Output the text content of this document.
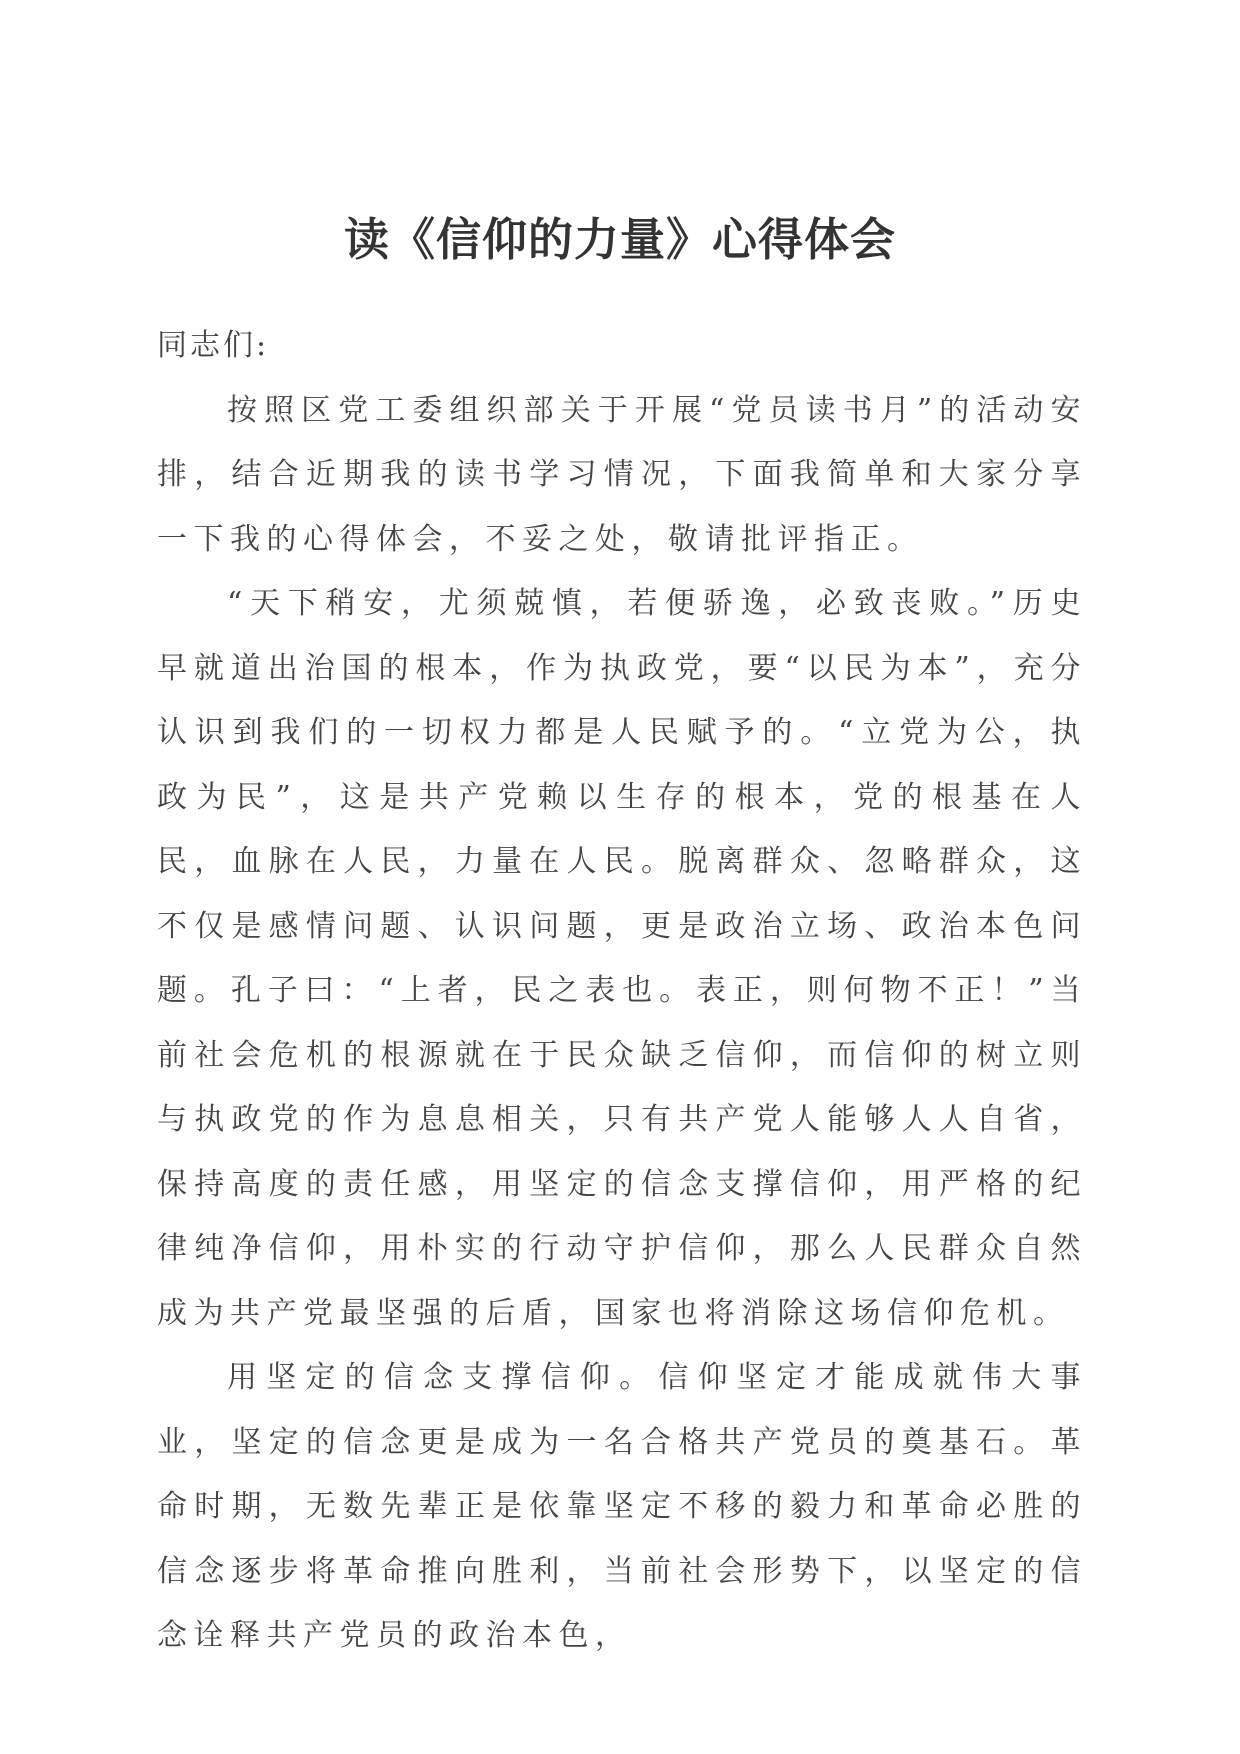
读《信仰的力量》心得体会

同志们:

按照区党工委组织部关于开展“党员读书月”的活动安排，结合近期我的读书学习情况，下面我简单和大家分享一下我的心得体会，不妥之处，敬请批评指正。

“天下稍安，尤须兢慎，若便骄逸，必致丧败。”历史早就道出治国的根本，作为执政党，要“以民为本”，充分认识到我们的一切权力都是人民赋予的。“立党为公，执政为民”，这是共产党赖以生存的根本，党的根基在人民，血脉在人民，力量在人民。脱离群众、忽略群众，这不仅是感情问题、认识问题，更是政治立场、政治本色问题。孔子曰：“上者，民之表也。表正，则何物不正！”当前社会危机的根源就在于民众缺乏信仰，而信仰的树立则与执政党的作为息息相关，只有共产党人能够人人自省，保持高度的责任感，用坚定的信念支撑信仰，用严格的纪律纯净信仰，用朴实的行动守护信仰，那么人民群众自然成为共产党最坚强的后盾，国家也将消除这场信仰危机。

用坚定的信念支撑信仰。信仰坚定才能成就伟大事业，坚定的信念更是成为一名合格共产党员的奠基石。革命时期，无数先辈正是依靠坚定不移的毅力和革命必胜的信念逐步将革命推向胜利，当前社会形势下，以坚定的信念诠释共产党员的政治本色，
